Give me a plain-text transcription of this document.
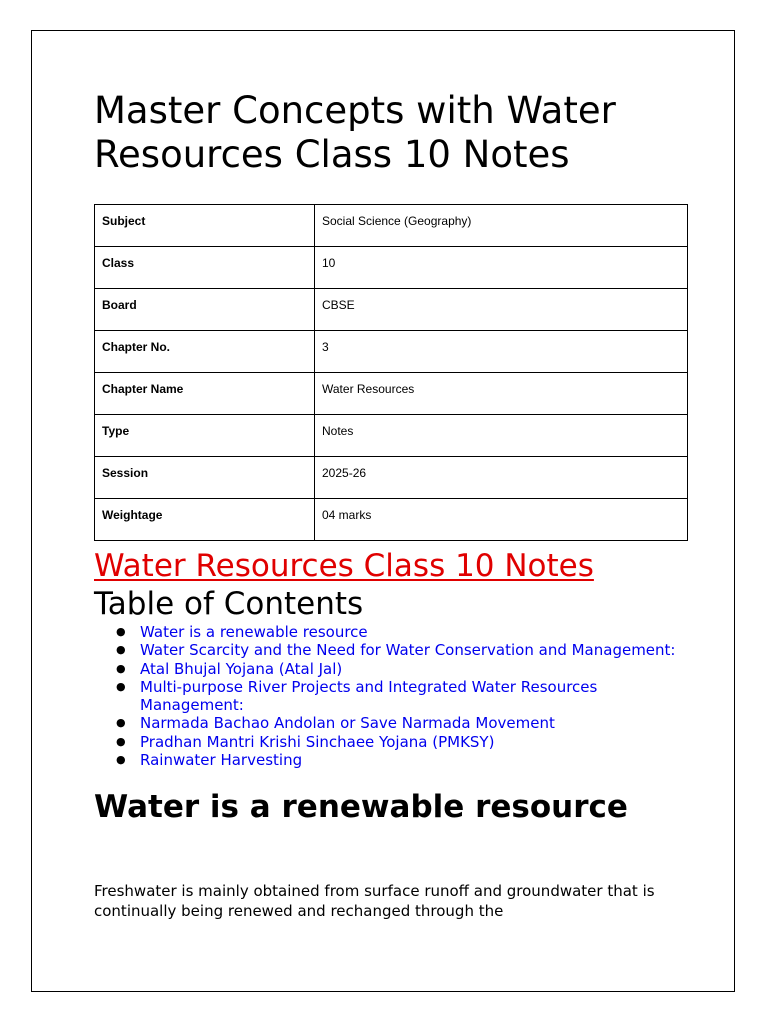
Master Concepts with Water Resources Class 10 Notes
Subject	Social Science (Geography)
Class	10
Board	CBSE
Chapter No.	3
Chapter Name	Water Resources
Type	Notes
Session	2025-26
Weightage	04 marks
Water Resources Class 10 Notes
Table of Contents
● Water is a renewable resource
● Water Scarcity and the Need for Water Conservation and Management:
● Atal Bhujal Yojana (Atal Jal)
● Multi-purpose River Projects and Integrated Water Resources Management:
● Narmada Bachao Andolan or Save Narmada Movement
● Pradhan Mantri Krishi Sinchaee Yojana (PMKSY)
● Rainwater Harvesting
Water is a renewable resource

Freshwater is mainly obtained from surface runoff and groundwater that is continually being renewed and rechanged through the
